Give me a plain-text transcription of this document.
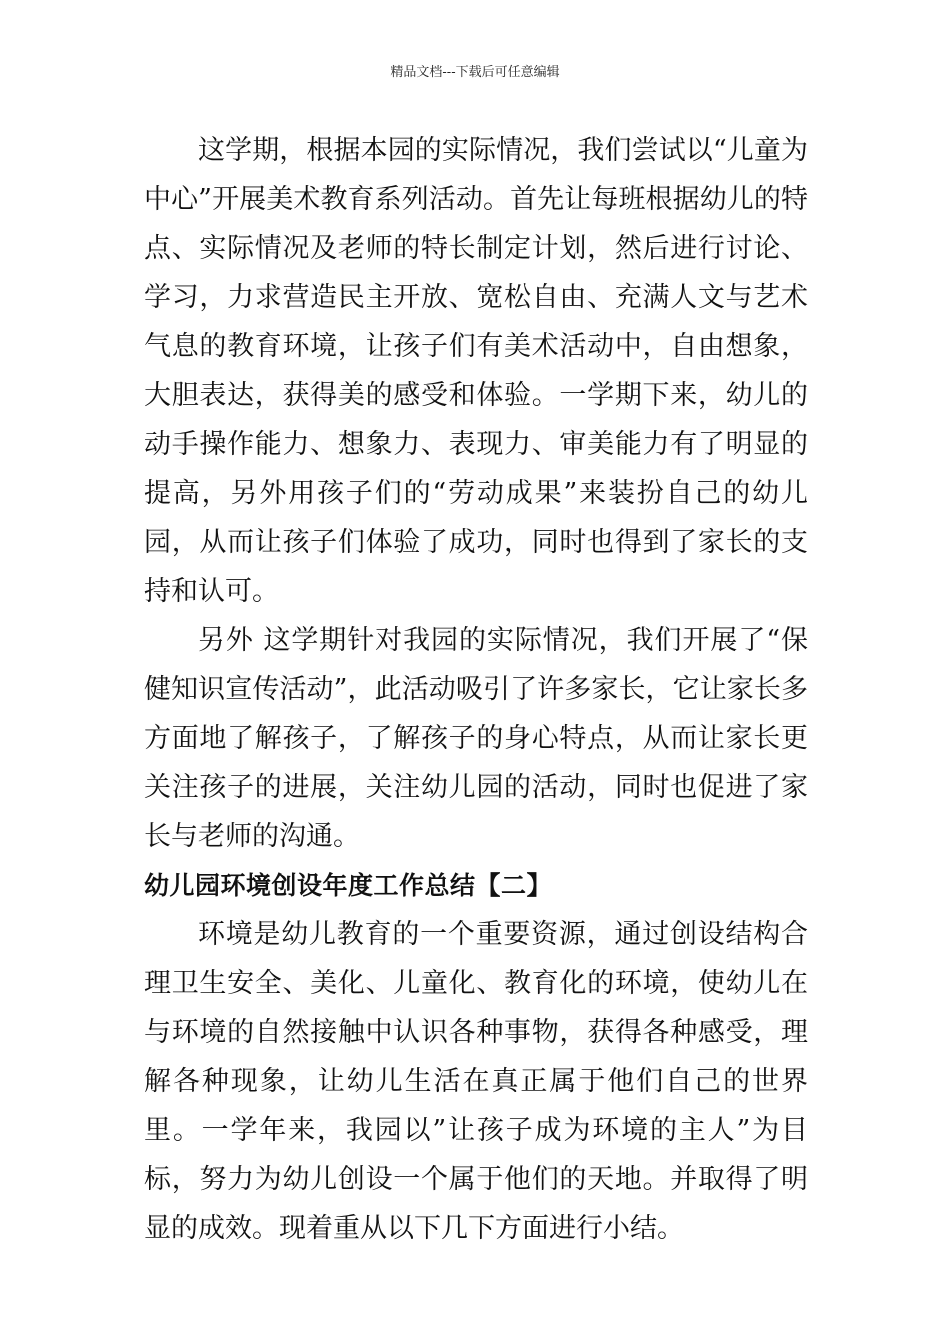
精品文档---下载后可任意编辑

这学期，根据本园的实际情况，我们尝试以“儿童为中心”开展美术教育系列活动。首先让每班根据幼儿的特点、实际情况及老师的特长制定计划，然后进行讨论、学习，力求营造民主开放、宽松自由、充满人文与艺术气息的教育环境，让孩子们有美术活动中，自由想象，大胆表达，获得美的感受和体验。一学期下来，幼儿的动手操作能力、想象力、表现力、审美能力有了明显的提高，另外用孩子们的“劳动成果”来装扮自己的幼儿园，从而让孩子们体验了成功，同时也得到了家长的支持和认可。

另外 这学期针对我园的实际情况，我们开展了“保健知识宣传活动”，此活动吸引了许多家长，它让家长多方面地了解孩子，了解孩子的身心特点，从而让家长更关注孩子的进展，关注幼儿园的活动，同时也促进了家长与老师的沟通。

幼儿园环境创设年度工作总结【二】

环境是幼儿教育的一个重要资源，通过创设结构合理卫生安全、美化、儿童化、教育化的环境，使幼儿在与环境的自然接触中认识各种事物，获得各种感受，理解各种现象，让幼儿生活在真正属于他们自己的世界里。一学年来，我园以”让孩子成为环境的主人”为目标，努力为幼儿创设一个属于他们的天地。并取得了明显的成效。现着重从以下几下方面进行小结。
